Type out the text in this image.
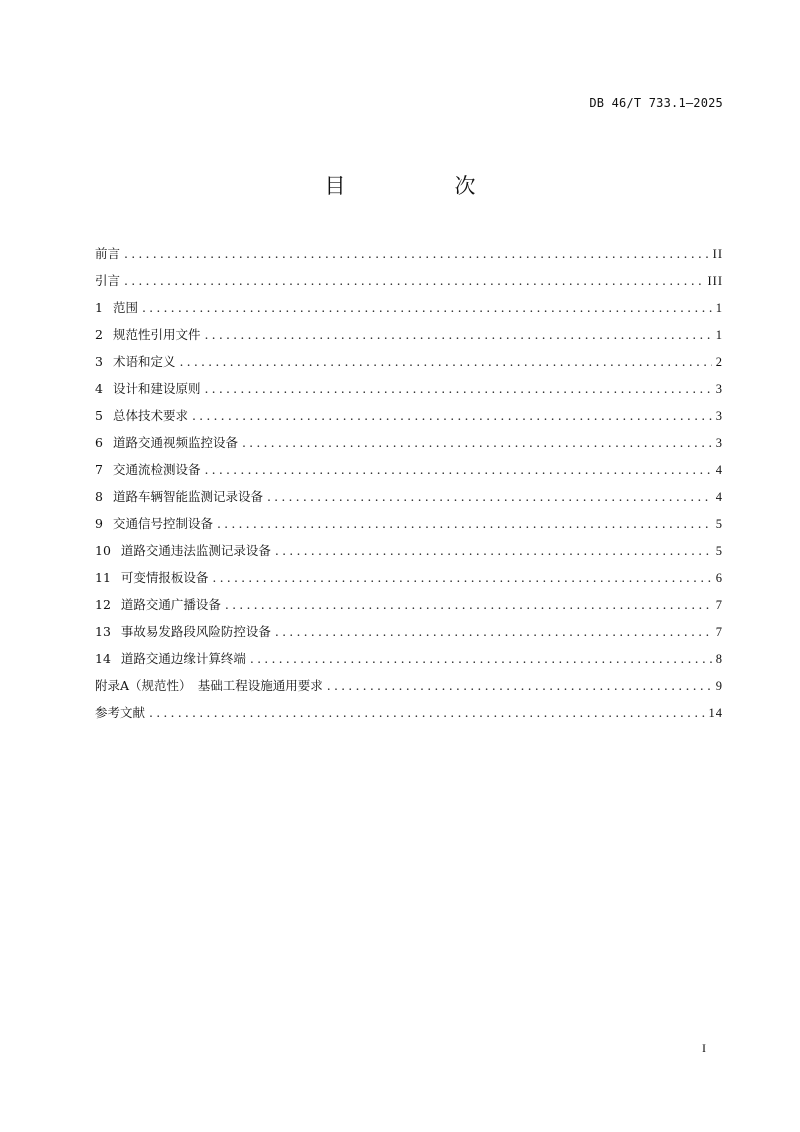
DB 46/T 733.1—2025
目　次
前言 .....	II
引言 .....	III
1 范围 .....	1
2 规范性引用文件 .....	1
3 术语和定义 .....	2
4 设计和建设原则 .....	3
5 总体技术要求 .....	3
6 道路交通视频监控设备 .....	3
7 交通流检测设备 .....	4
8 道路车辆智能监测记录设备 .....	4
9 交通信号控制设备 .....	5
10 道路交通违法监测记录设备 .....	5
11 可变情报板设备 .....	6
12 道路交通广播设备 .....	7
13 事故易发路段风险防控设备 .....	7
14 道路交通边缘计算终端 .....	8
附录A（规范性）　基础工程设施通用要求 .....	9
参考文献 .....	14
I
